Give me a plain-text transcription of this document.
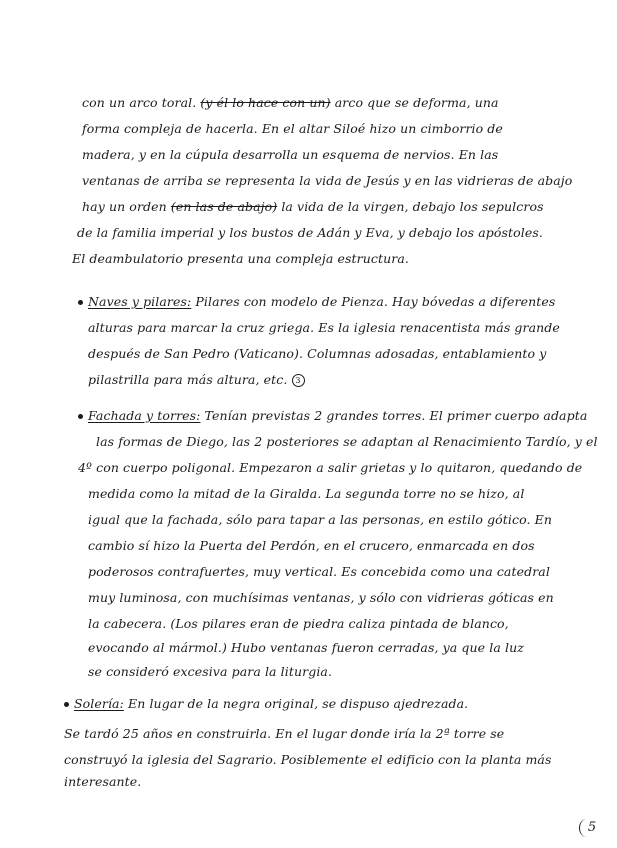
con un arco toral. (y él lo hace con un) arco que se deforma, una
forma compleja de hacerla. En el altar Siloé hizo un cimborrio de
madera, y en la cúpula desarrolla un esquema de nervios. En las
ventanas de arriba se representa la vida de Jesús y en las vidrieras de abajo
hay un orden (en las de abajo) la vida de la virgen, debajo los sepulcros
de la familia imperial y los bustos de Adán y Eva, y debajo los apóstoles.
El deambulatorio presenta una compleja estructura.
Naves y pilares: Pilares con modelo de Pienza. Hay bóvedas a diferentes
alturas para marcar la cruz griega. Es la iglesia renacentista más grande
después de San Pedro (Vaticano). Columnas adosadas, entablamiento y
pilastrilla para más altura, etc. 3
Fachada y torres: Tenían previstas 2 grandes torres. El primer cuerpo adapta
las formas de Diego, las 2 posteriores se adaptan al Renacimiento Tardío, y el
4º con cuerpo poligonal. Empezaron a salir grietas y lo quitaron, quedando de
medida como la mitad de la Giralda. La segunda torre no se hizo, al
igual que la fachada, sólo para tapar a las personas, en estilo gótico. En
cambio sí hizo la Puerta del Perdón, en el crucero, enmarcada en dos
poderosos contrafuertes, muy vertical. Es concebida como una catedral
muy luminosa, con muchísimas ventanas, y sólo con vidrieras góticas en
la cabecera. (Los pilares eran de piedra caliza pintada de blanco,
evocando al mármol.) Hubo ventanas fueron cerradas, ya que la luz
se consideró excesiva para la liturgia.
Solería: En lugar de la negra original, se dispuso ajedrezada.
Se tardó 25 años en construirla. En el lugar donde iría la 2ª torre se
construyó la iglesia del Sagrario. Posiblemente el edificio con la planta más
interesante.
5
